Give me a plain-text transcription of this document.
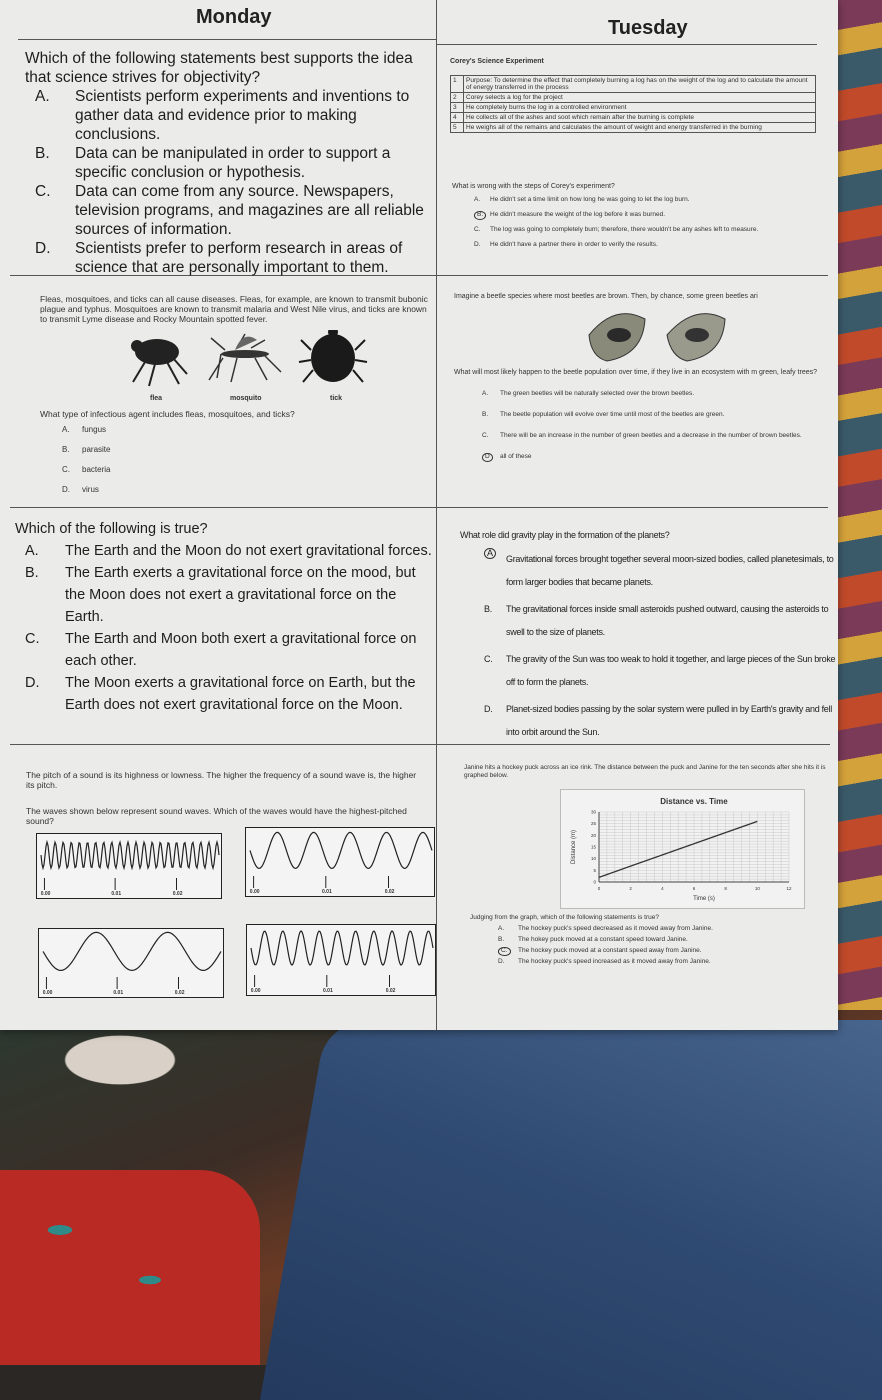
Monday	Tuesday
Which of the following statements best supports the idea that science strives for objectivity?
A. Scientists perform experiments and inventions to gather data and evidence prior to making conclusions.
B. Data can be manipulated in order to support a specific conclusion or hypothesis.
C. Data can come from any source. Newspapers, television programs, and magazines are all reliable sources of information.
D. Scientists prefer to perform research in areas of science that are personally important to them.
Fleas, mosquitoes, and ticks can all cause diseases. Fleas, for example, are known to transmit bubonic plague and typhus. Mosquitoes are known to transmit malaria and West Nile virus, and ticks are known to transmit Lyme disease and Rocky Mountain spotted fever.
flea	mosquito	tick
What type of infectious agent includes fleas, mosquitoes, and ticks?
A. fungus
B. parasite
C. bacteria
D. virus
Which of the following is true?
A. The Earth and the Moon do not exert gravitational forces.
B. The Earth exerts a gravitational force on the mood, but the Moon does not exert a gravitational force on the Earth.
C. The Earth and Moon both exert a gravitational force on each other.
D. The Moon exerts a gravitational force on Earth, but the Earth does not exert gravitational force on the Moon.
The pitch of a sound is its highness or lowness. The higher the frequency of a sound wave is, the higher its pitch.
The waves shown below represent sound waves. Which of the waves would have the highest-pitched sound?
0.00	0.01	0.02	0.00	0.01	0.02
0.00	0.01	0.02	0.00	0.01	0.02
Corey's Science Experiment
1	Purpose: To determine the effect that completely burning a log has on the weight of the log and to calculate the amount of energy transferred in the process
2	Corey selects a log for the project
3	He completely burns the log in a controlled environment
4	He collects all of the ashes and soot which remain after the burning is complete
5	He weighs all of the remains and calculates the amount of weight and energy transferred in the burning
What is wrong with the steps of Corey's experiment?
A. He didn't set a time limit on how long he was going to let the log burn.
B.	He didn't measure the weight of the log before it was burned.
C. The log was going to completely burn; therefore, there wouldn't be any ashes left to measure.
D. He didn't have a partner there in order to verify the results.
Imagine a beetle species where most beetles are brown. Then, by chance, some green beetles ari
What will most likely happen to the beetle population over time, if they live in an ecosystem with m green, leafy trees?
A. The green beetles will be naturally selected over the brown beetles.
B. The beetle population will evolve over time until most of the beetles are green.
C. There will be an increase in the number of green beetles and a decrease in the number of brown beetles.
D	all of these
What role did gravity play in the formation of the planets?
A
Gravitational forces brought together several moon-sized bodies, called planetesimals, to form larger bodies that became planets.
B. The gravitational forces inside small asteroids pushed outward, causing the asteroids to swell to the size of planets.
C. The gravity of the Sun was too weak to hold it together, and large pieces of the Sun broke off to form the planets.
D. Planet-sized bodies passing by the solar system were pulled in by Earth's gravity and fell into orbit around the Sun.
Janine hits a hockey puck across an ice rink. The distance between the puck and Janine for the ten seconds after she hits it is graphed below.
Distance vs. Time
Time (s)
Distance (m)
0	2	4	6	8	10	12
0
5
10
15
20
25
30
Judging from the graph, which of the following statements is true?
A. The hockey puck's speed decreased as it moved away from Janine.
B. The hokey puck moved at a constant speed toward Janine.
C.	The hockey puck moved at a constant speed away from Janine.
D. The hockey puck's speed increased as it moved away from Janine.
